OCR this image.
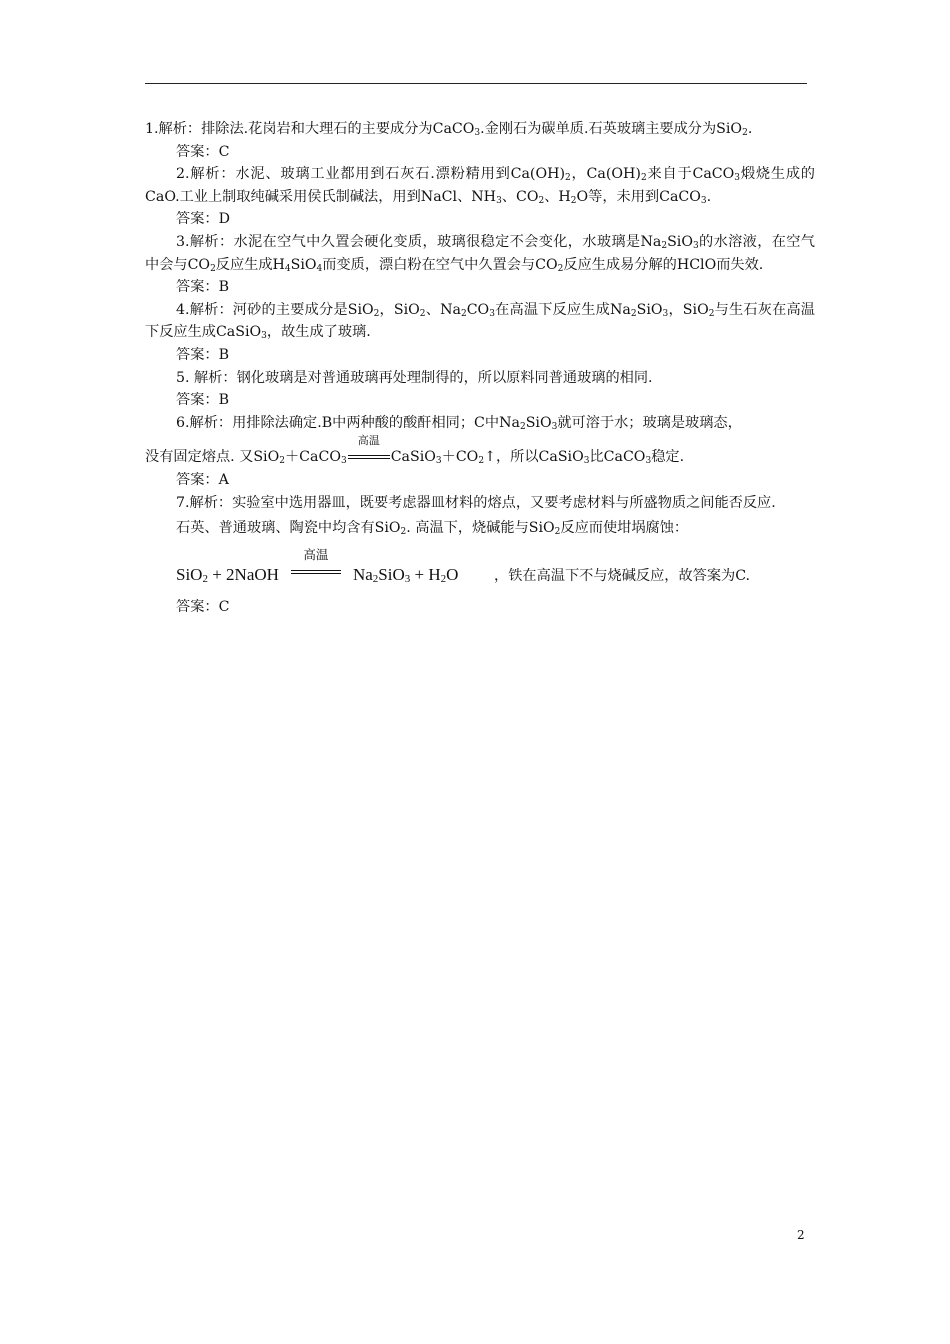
1.解析：排除法.花岗岩和大理石的主要成分为CaCO$_3$.金刚石为碳单质.石英玻璃主要成分为SiO$_2$.

答案：C

2.解析：水泥、玻璃工业都用到石灰石.漂粉精用到$Ca(OH)_2$，$Ca(OH)_2$来自于CaCO$_3$煅烧生成的CaO.工业上制取纯碱采用侯氏制碱法，用到NaCl、$NH_3$、$CO_2$、$H_2O$等，未用到CaCO$_3$.

答案：D

3.解析：水泥在空气中久置会硬化变质，玻璃很稳定不会变化，水玻璃是$Na_2SiO_3$的水溶液，在空气中会与$CO_2$反应生成$H_4SiO_4$而变质，漂白粉在空气中久置会与$CO_2$反应生成易分解的HClO而失效.

答案：B

4.解析：河砂的主要成分是SiO$_2$，SiO$_2$、$Na_2CO_3$在高温下反应生成$Na_2SiO_3$，SiO$_2$与生石灰在高温下反应生成CaSiO$_3$，故生成了玻璃.

答案：B

5. 解析：钢化玻璃是对普通玻璃再处理制得的，所以原料同普通玻璃的相同.

答案：B

6.解析：用排除法确定.B中两种酸的酸酐相同；C中$Na_2SiO_3$就可溶于水；玻璃是玻璃态，

没有固定熔点. 又SiO$_2$＋CaCO$_3$
高温
$CaSiO_3+CO_2↑$，所以CaSiO$_3$比CaCO$_3$稳定.

答案：A

7.解析：实验室中选用器皿，既要考虑器皿材料的熔点，又要考虑材料与所盛物质之间能否反应.

石英、普通玻璃、陶瓷中均含有SiO$_2$. 高温下，烧碱能与SiO$_2$反应而使坩埚腐蚀：

SiO$_2$ + 2NaOH
高温
$Na_2SiO_3 + H_2O$	，铁在高温下不与烧碱反应，故答案为C.

答案：C

2
